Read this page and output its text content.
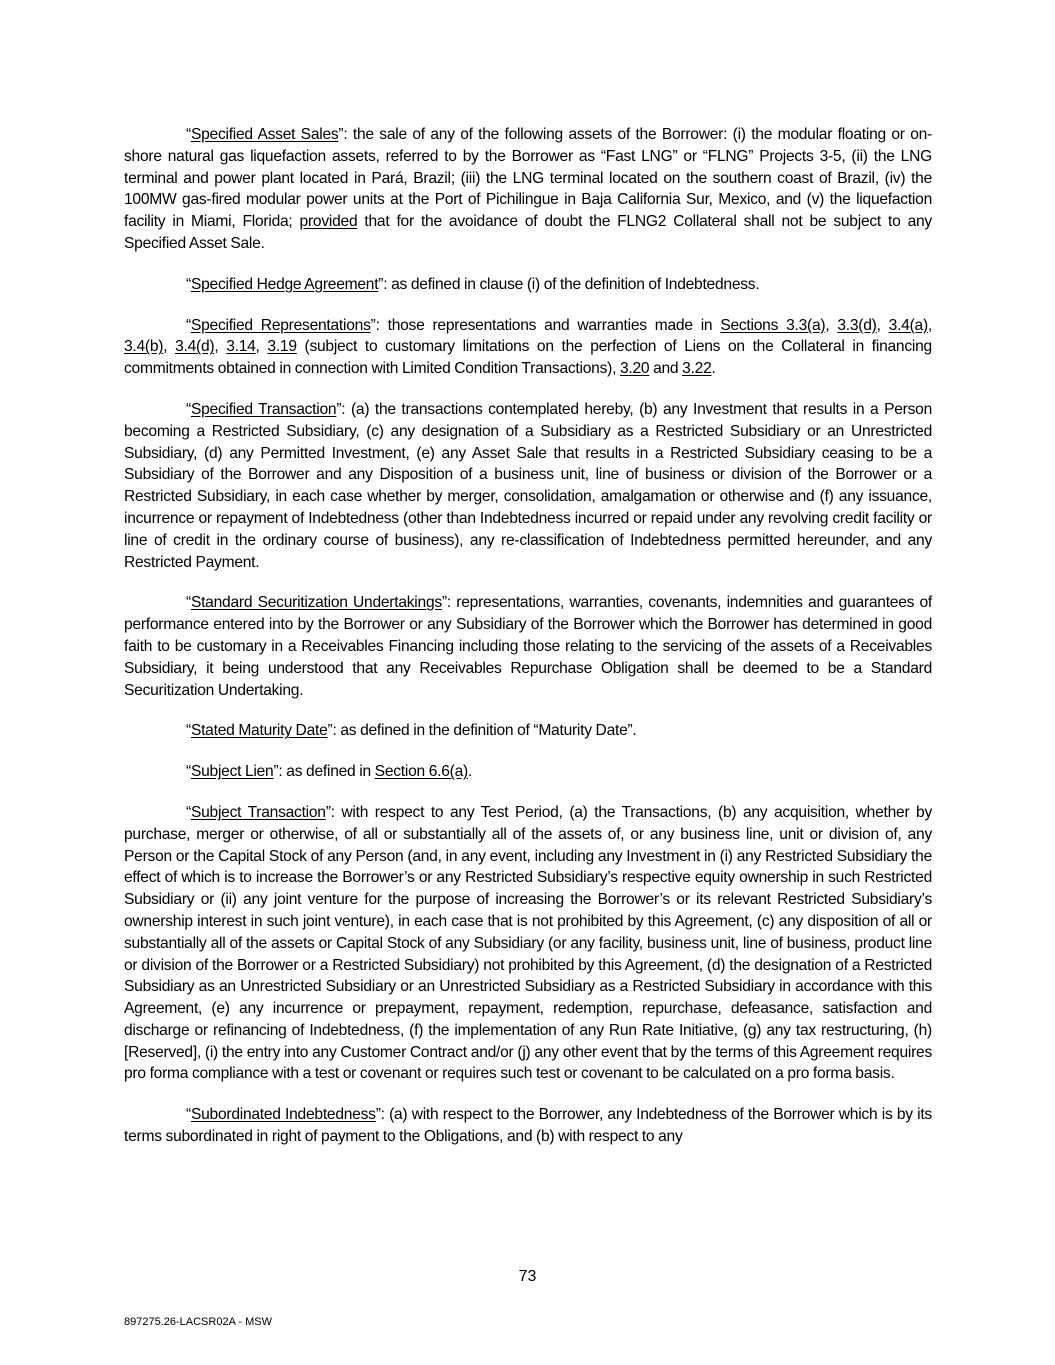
“Specified Asset Sales”: the sale of any of the following assets of the Borrower: (i) the modular floating or on-shore natural gas liquefaction assets, referred to by the Borrower as “Fast LNG” or “FLNG” Projects 3-5, (ii) the LNG terminal and power plant located in Pará, Brazil; (iii) the LNG terminal located on the southern coast of Brazil, (iv) the 100MW gas-fired modular power units at the Port of Pichilingue in Baja California Sur, Mexico, and (v) the liquefaction facility in Miami, Florida; provided that for the avoidance of doubt the FLNG2 Collateral shall not be subject to any Specified Asset Sale.

“Specified Hedge Agreement”: as defined in clause (i) of the definition of Indebtedness.

“Specified Representations”: those representations and warranties made in Sections 3.3(a), 3.3(d), 3.4(a), 3.4(b), 3.4(d), 3.14, 3.19 (subject to customary limitations on the perfection of Liens on the Collateral in financing commitments obtained in connection with Limited Condition Transactions), 3.20 and 3.22.

“Specified Transaction”: (a) the transactions contemplated hereby, (b) any Investment that results in a Person becoming a Restricted Subsidiary, (c) any designation of a Subsidiary as a Restricted Subsidiary or an Unrestricted Subsidiary, (d) any Permitted Investment, (e) any Asset Sale that results in a Restricted Subsidiary ceasing to be a Subsidiary of the Borrower and any Disposition of a business unit, line of business or division of the Borrower or a Restricted Subsidiary, in each case whether by merger, consolidation, amalgamation or otherwise and (f) any issuance, incurrence or repayment of Indebtedness (other than Indebtedness incurred or repaid under any revolving credit facility or line of credit in the ordinary course of business), any re-classification of Indebtedness permitted hereunder, and any Restricted Payment.

“Standard Securitization Undertakings”: representations, warranties, covenants, indemnities and guarantees of performance entered into by the Borrower or any Subsidiary of the Borrower which the Borrower has determined in good faith to be customary in a Receivables Financing including those relating to the servicing of the assets of a Receivables Subsidiary, it being understood that any Receivables Repurchase Obligation shall be deemed to be a Standard Securitization Undertaking.

“Stated Maturity Date”: as defined in the definition of “Maturity Date”.

“Subject Lien”: as defined in Section 6.6(a).

“Subject Transaction”: with respect to any Test Period, (a) the Transactions, (b) any acquisition, whether by purchase, merger or otherwise, of all or substantially all of the assets of, or any business line, unit or division of, any Person or the Capital Stock of any Person (and, in any event, including any Investment in (i) any Restricted Subsidiary the effect of which is to increase the Borrower’s or any Restricted Subsidiary’s respective equity ownership in such Restricted Subsidiary or (ii) any joint venture for the purpose of increasing the Borrower’s or its relevant Restricted Subsidiary’s ownership interest in such joint venture), in each case that is not prohibited by this Agreement, (c) any disposition of all or substantially all of the assets or Capital Stock of any Subsidiary (or any facility, business unit, line of business, product line or division of the Borrower or a Restricted Subsidiary) not prohibited by this Agreement, (d) the designation of a Restricted Subsidiary as an Unrestricted Subsidiary or an Unrestricted Subsidiary as a Restricted Subsidiary in accordance with this Agreement, (e) any incurrence or prepayment, repayment, redemption, repurchase, defeasance, satisfaction and discharge or refinancing of Indebtedness, (f) the implementation of any Run Rate Initiative, (g) any tax restructuring, (h) [Reserved], (i) the entry into any Customer Contract and/or (j) any other event that by the terms of this Agreement requires pro forma compliance with a test or covenant or requires such test or covenant to be calculated on a pro forma basis.

“Subordinated Indebtedness”: (a) with respect to the Borrower, any Indebtedness of the Borrower which is by its terms subordinated in right of payment to the Obligations, and (b) with respect to any

73
897275.26-LACSR02A - MSW
